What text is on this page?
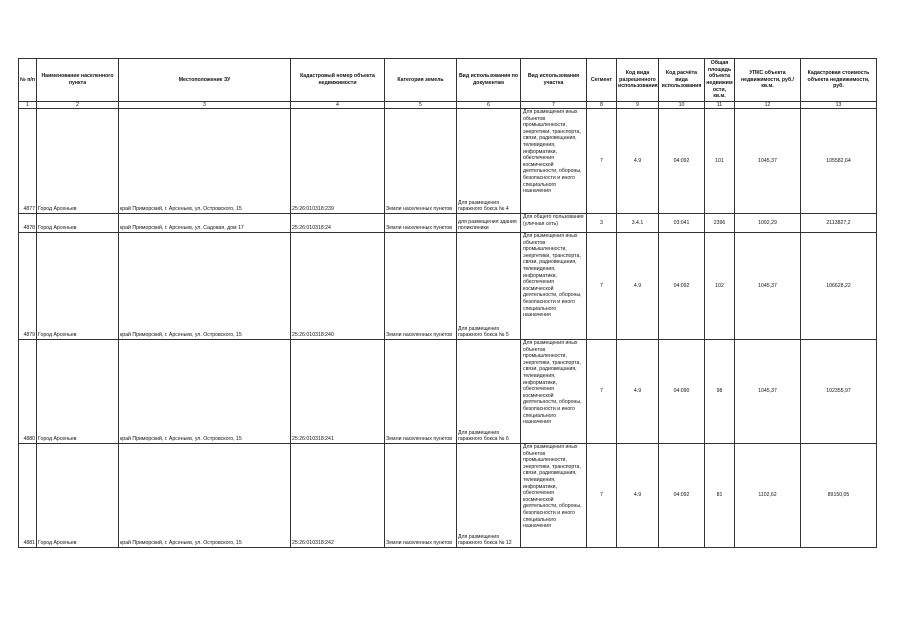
№ п/п	Наименование населенного пункта	Местоположение ЗУ	Кадастровый номер объекта недвижимости	Категория земель	Вид использования по документам	Вид использования участка	Сегмент	Код вида разрешенного использования	Код расчёта вида использования	Общая площадь объекта недвижим ости, кв.м.	УПКС объекта недвижимости, руб./кв.м.	Кадастровая стоимость объекта недвижимости, руб.
1	2	3	4	5	6	7	8	9	10	11	12	13
4877	Город Арсеньев	край Приморский, г. Арсеньев, ул. Островского, 15	25:26:010318:239	Земли населенных пунктов	Для размещения гаражного бокса № 4	Для размещения иных объектов промышленности, энергетики, транспорта, связи, радиовещания, телевидения, информатики, обеспечения космической деятельности, обороны, безопасности и иного специального назначения	7	4.9	04:092	101	1045,37	105582,64
4878	Город Арсеньев	край Приморский, г. Арсеньев, ул. Садовая, дом 17	25:26:010318:24	Земли населенных пунктов	для размещения здания поликлиники	Для общего пользования (уличная сеть)	3	3.4.1	03:041	2396	1092,29	2113827,2
4879	Город Арсеньев	край Приморский, г. Арсеньев, ул. Островского, 15	25:26:010318:240	Земли населенных пунктов	Для размещения гаражного бокса № 5	Для размещения иных объектов промышленности, энергетики, транспорта, связи, радиовещания, телевидения, информатики, обеспечения космической деятельности, обороны, безопасности и иного специального назначения	7	4.9	04:092	102	1045,37	106628,22
4880	Город Арсеньев	край Приморский, г. Арсеньев, ул. Островского, 15	25:26:010318:241	Земли населенных пунктов	Для размещения гаражного бокса № 6	Для размещения иных объектов промышленности, энергетики, транспорта, связи, радиовещания, телевидения, информатики, обеспечения космической деятельности, обороны, безопасности и иного специального назначения	7	4.9	04:090	98	1045,37	102355,97
4881	Город Арсеньев	край Приморский, г. Арсеньев, ул. Островского, 15	25:26:010318:242	Земли населенных пунктов	Для размещения гаражного бокса № 12	Для размещения иных объектов промышленности, энергетики, транспорта, связи, радиовещания, телевидения, информатики, обеспечения космической деятельности, обороны, безопасности и иного специального назначения	7	4.9	04:092	81	1102,62	89150,05
